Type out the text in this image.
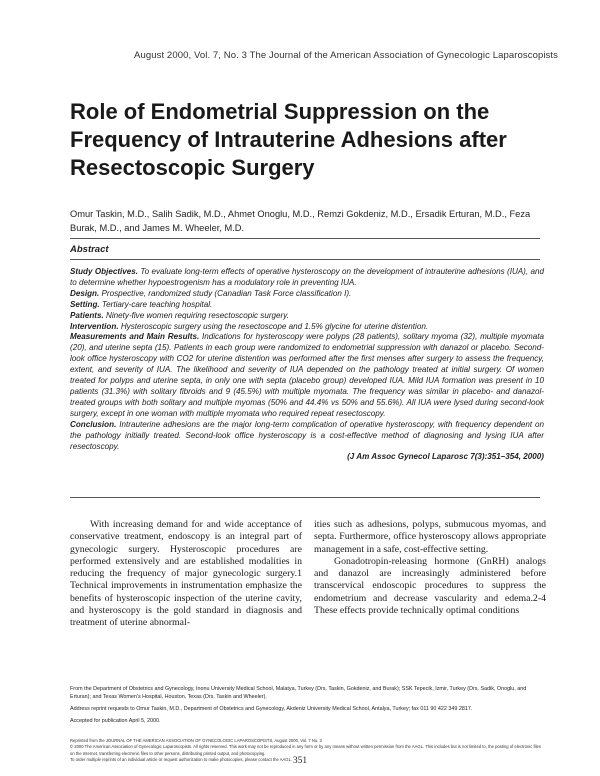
August 2000, Vol. 7, No. 3 The Journal of the American Association of Gynecologic Laparoscopists
Role of Endometrial Suppression on the Frequency of Intrauterine Adhesions after Resectoscopic Surgery

Omur Taskin, M.D., Salih Sadik, M.D., Ahmet Onoglu, M.D., Remzi Gokdeniz, M.D., Ersadik Erturan, M.D., Feza Burak, M.D., and James M. Wheeler, M.D.

Abstract

Study Objectives. To evaluate long-term effects of operative hysteroscopy on the development of intrauterine adhesions (IUA), and to determine whether hypoestrogenism has a modulatory role in preventing IUA.

Design. Prospective, randomized study (Canadian Task Force classification I).

Setting. Tertiary-care teaching hospital.

Patients. Ninety-five women requiring resectoscopic surgery.

Intervention. Hysteroscopic surgery using the resectoscope and 1.5% glycine for uterine distention.

Measurements and Main Results. Indications for hysteroscopy were polyps (28 patients), solitary myoma (32), multiple myomata (20), and uterine septa (15). Patients in each group were randomized to endometrial suppression with danazol or placebo. Second-look office hysteroscopy with CO2 for uterine distention was performed after the first menses after surgery to assess the frequency, extent, and severity of IUA. The likelihood and severity of IUA depended on the pathology treated at initial surgery. Of women treated for polyps and uterine septa, in only one with septa (placebo group) developed IUA. Mild IUA formation was present in 10 patients (31.3%) with solitary fibroids and 9 (45.5%) with multiple myomata. The frequency was similar in placebo- and danazol-treated groups with both solitary and multiple myomas (50% and 44.4% vs 50% and 55.6%). All IUA were lysed during second-look surgery, except in one woman with multiple myomata who required repeat resectoscopy.

Conclusion. Intrauterine adhesions are the major long-term complication of operative hysteroscopy, with frequency dependent on the pathology initially treated. Second-look office hysteroscopy is a cost-effective method of diagnosing and lysing IUA after resectoscopy.

(J Am Assoc Gynecol Laparosc 7(3):351–354, 2000)

With increasing demand for and wide acceptance of conservative treatment, endoscopy is an integral part of gynecologic surgery. Hysteroscopic procedures are performed extensively and are established modalities in reducing the frequency of major gynecologic surgery.1 Technical improvements in instrumentation emphasize the benefits of hysteroscopic inspection of the uterine cavity, and hysteroscopy is the gold standard in diagnosis and treatment of uterine abnormal-

ities such as adhesions, polyps, submucous myomas, and septa. Furthermore, office hysteroscopy allows appropriate management in a safe, cost-effective setting.
Gonadotropin-releasing hormone (GnRH) analogs and danazol are increasingly administered before transcervical endoscopic procedures to suppress the endometrium and decrease vascularity and edema.2-4 These effects provide technically optimal conditions

From the Department of Obstetrics and Gynecology, Inonu University Medical School, Malatya, Turkey (Drs. Taskin, Gokdeniz, and Burak); SSK Tepecik, Izmir, Turkey (Drs. Sadik, Onoglu, and Erturan); and Texas Women's Hospital, Houston, Texas (Drs. Taskin and Wheeler).

Address reprint requests to Omur Taskin, M.D., Department of Obstetrics and Gynecology, Akdeniz University Medical School, Antalya, Turkey; fax 011 90 422 349 2817.

Accepted for publication April 5, 2000.

Reprinted from the JOURNAL OF THE AMERICAN ASSOCIATION OF GYNECOLOGIC LAPAROSCOPISTS, August 2000, Vol. 7 No. 3

© 2000 The American Association of Gynecologic Laparoscopists. All rights reserved. This work may not be reproduced in any form or by any means without written permission from the AAGL. This includes but is not limited to, the posting of electronic files on the Internet, transferring electronic files to other persons, distributing printed output, and photocopying.

To order multiple reprints of an individual article or request authorization to make photocopies, please contact the AAGL. 351
